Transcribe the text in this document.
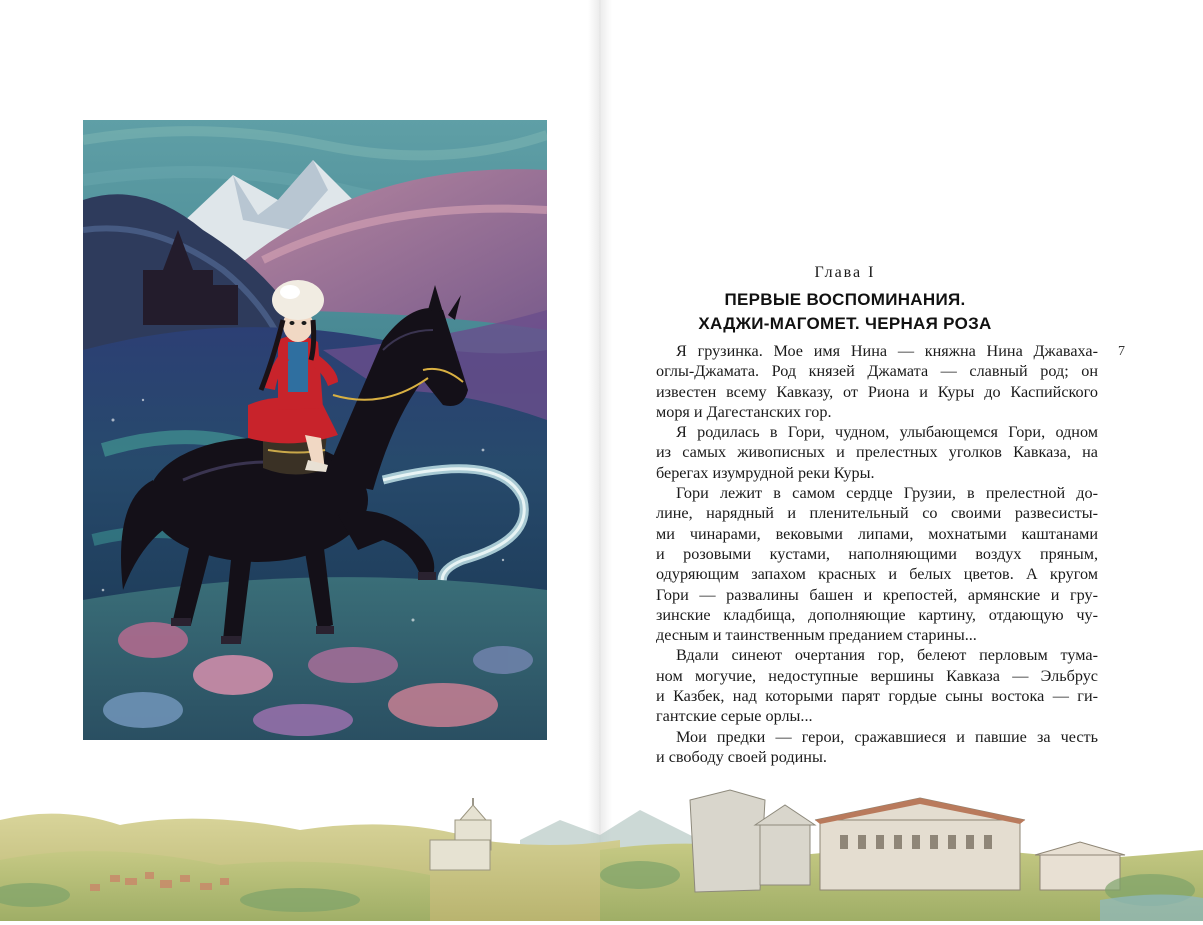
Глава I
ПЕРВЫЕ ВОСПОМИНАНИЯ.
ХАДЖИ-МАГОМЕТ. ЧЕРНАЯ РОЗА
7
Я грузинка. Мое имя Нина — княжна Нина Джаваха-
оглы-Джамата. Род князей Джамата — славный род; он
известен всему Кавказу, от Риона и Куры до Каспийского
моря и Дагестанских гор.
Я родилась в Гори, чудном, улыбающемся Гори, одном
из самых живописных и прелестных уголков Кавказа, на
берегах изумрудной реки Куры.
Гори лежит в самом сердце Грузии, в прелестной до-
лине, нарядный и пленительный со своими развесисты-
ми чинарами, вековыми липами, мохнатыми каштанами
и розовыми кустами, наполняющими воздух пряным,
одуряющим запахом красных и белых цветов. А кругом
Гори — развалины башен и крепостей, армянские и гру-
зинские кладбища, дополняющие картину, отдающую чу-
десным и таинственным преданием старины...
Вдали синеют очертания гор, белеют перловым тума-
ном могучие, недоступные вершины Кавказа — Эльбрус
и Казбек, над которыми парят гордые сыны востока — ги-
гантские серые орлы...
Мои предки — герои, сражавшиеся и павшие за честь
и свободу своей родины.
